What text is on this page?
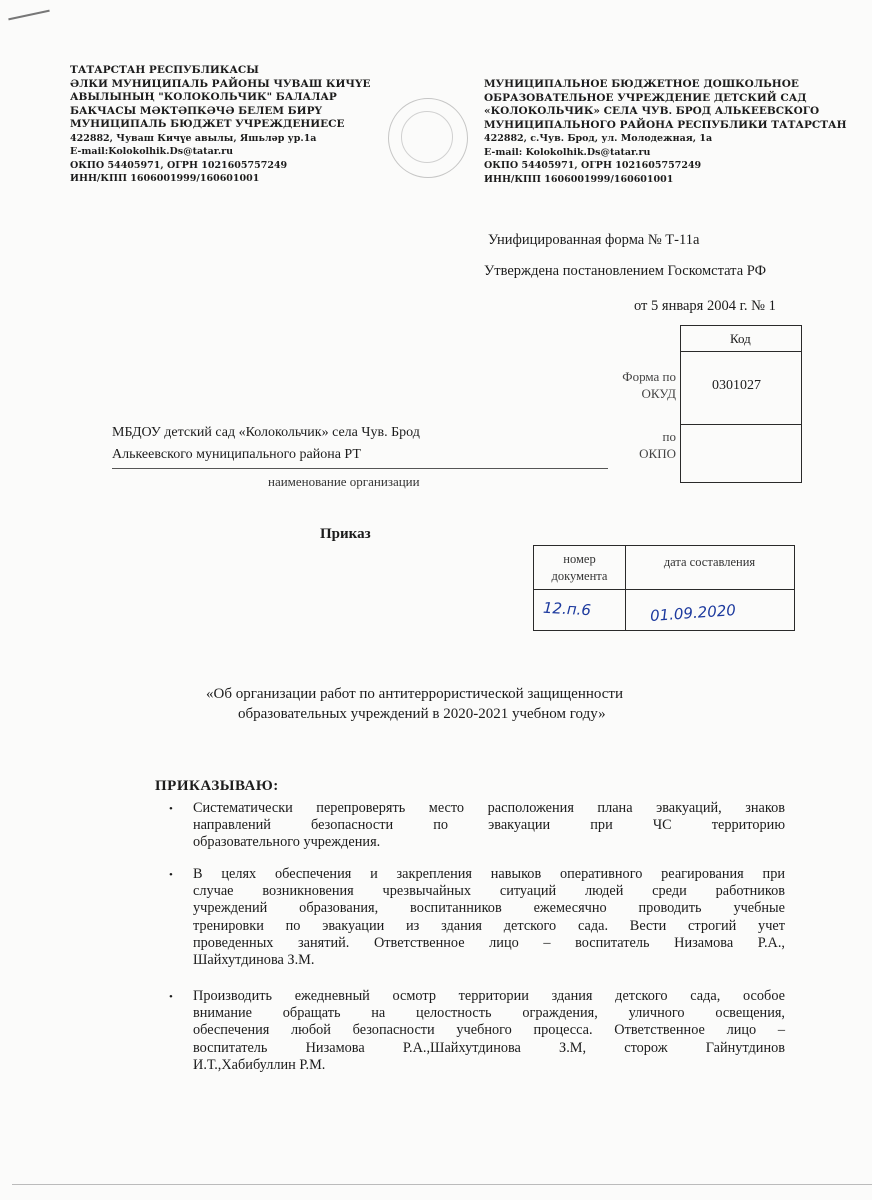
ТАТАРСТАН РЕСПУБЛИКАСЫ
ӘЛКИ МУНИЦИПАЛЬ РАЙОНЫ ЧУВАШ КИЧҮЕ
АВЫЛЫНЫҢ "КОЛОКОЛЬЧИК" БАЛАЛАР
БАКЧАСЫ МӘКТӘПКӘЧӘ БЕЛЕМ БИРҮ
МУНИЦИПАЛЬ БЮДЖЕТ УЧРЕЖДЕНИЕСЕ
422882, Чуваш Кичүе авылы, Яшьләр ур.1а
E-mail:Kolokolhik.Ds@tatar.ru
ОКПО 54405971, ОГРН 1021605757249
ИНН/КПП 1606001999/160601001
МУНИЦИПАЛЬНОЕ БЮДЖЕТНОЕ ДОШКОЛЬНОЕ
ОБРАЗОВАТЕЛЬНОЕ УЧРЕЖДЕНИЕ ДЕТСКИЙ САД
«КОЛОКОЛЬЧИК» СЕЛА ЧУВ. БРОД АЛЬКЕЕВСКОГО
МУНИЦИПАЛЬНОГО РАЙОНА РЕСПУБЛИКИ ТАТАРСТАН
422882, с.Чув. Брод, ул. Молодежная, 1а
E-mail: Kolokolhik.Ds@tatar.ru
ОКПО 54405971, ОГРН 1021605757249
ИНН/КПП 1606001999/160601001
Унифицированная форма № Т-11а
Утверждена постановлением Госкомстата РФ
от 5 января 2004 г. № 1
Код
Форма по
ОКУД
0301027
по
ОКПО
МБДОУ детский сад «Колокольчик» села Чув. Брод
Алькеевского муниципального района РТ
наименование организации
Приказ
номер
документа
дата составления
12.п.6	01.09.2020
«Об организации работ по антитеррористической защищенности
образовательных учреждений в 2020-2021 учебном году»
ПРИКАЗЫВАЮ:
• Систематически перепроверять место расположения плана эвакуаций, знаков
направлений безопасности по эвакуации при ЧС территорию
образовательного учреждения.
• В целях обеспечения и закрепления навыков оперативного реагирования при
случае возникновения чрезвычайных ситуаций людей среди работников
учреждений образования, воспитанников ежемесячно проводить учебные
тренировки по эвакуации из здания детского сада. Вести строгий учет
проведенных занятий. Ответственное лицо – воспитатель Низамова Р.А.,
Шайхутдинова З.М.
• Производить ежедневный осмотр территории здания детского сада, особое
внимание обращать на целостность ограждения, уличного освещения,
обеспечения любой безопасности учебного процесса. Ответственное лицо –
воспитатель Низамова Р.А.,Шайхутдинова З.М, сторож Гайнутдинов
И.Т.,Хабибуллин Р.М.
